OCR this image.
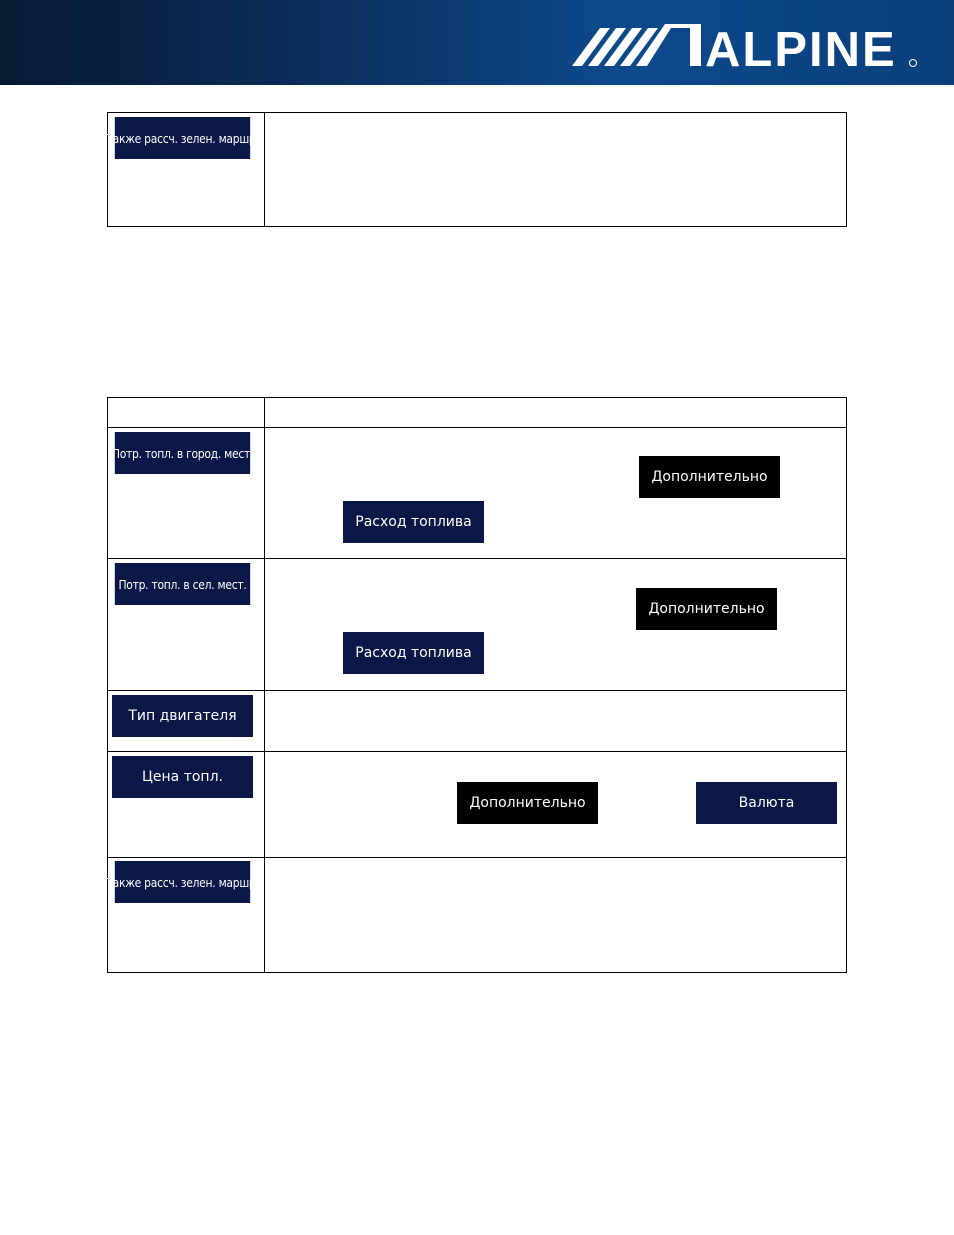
ALPINE
Также рассч. зелен. маршр.

Потр. топл. в город. мест.	Дополнительно
Расход топлива

Потр. топл. в сел. мест.	Дополнительно
Расход топлива

Тип двигателя	

Цена топл.	Дополнительно Валюта

Также рассч. зелен. маршр.	
